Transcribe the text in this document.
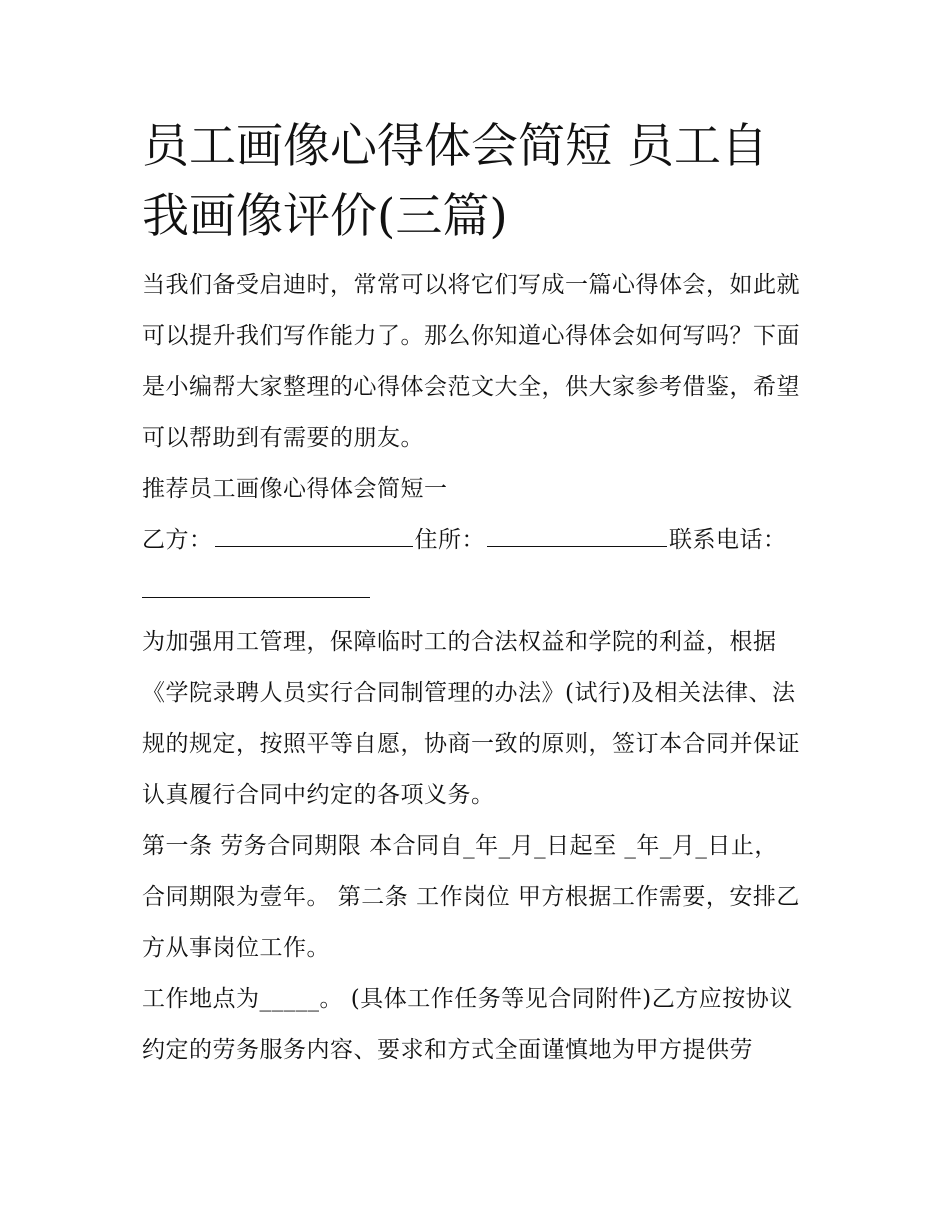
员工画像心得体会简短 员工自我画像评价(三篇)

当我们备受启迪时，常常可以将它们写成一篇心得体会，如此就可以提升我们写作能力了。那么你知道心得体会如何写吗？下面是小编帮大家整理的心得体会范文大全，供大家参考借鉴，希望可以帮助到有需要的朋友。

推荐员工画像心得体会简短一

乙方：	住所：	联系电话：

为加强用工管理，保障临时工的合法权益和学院的利益，根据《学院录聘人员实行合同制管理的办法》(试行)及相关法律、法规的规定，按照平等自愿，协商一致的原则，签订本合同并保证认真履行合同中约定的各项义务。

第一条 劳务合同期限 本合同自_年_月_日起至 _年_月_日止，

合同期限为壹年。 第二条 工作岗位 甲方根据工作需要，安排乙方从事岗位工作。

工作地点为_____。 (具体工作任务等见合同附件)乙方应按协议约定的劳务服务内容、要求和方式全面谨慎地为甲方提供劳
